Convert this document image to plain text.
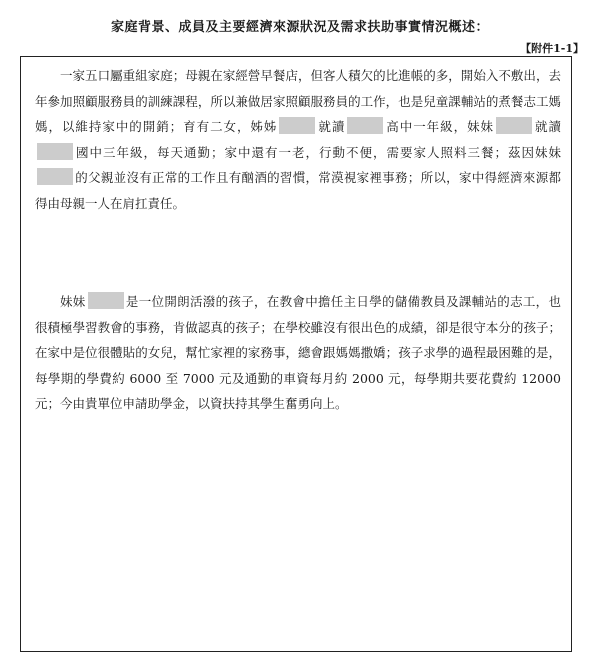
家庭背景、成員及主要經濟來源狀況及需求扶助事實情況概述：
【附件1-1】

一家五口屬重組家庭；母親在家經營早餐店，但客人積欠的比進帳的多，開始入不敷出，去年參加照顧服務員的訓練課程，所以兼做居家照顧服務員的工作，也是兒童課輔站的煮餐志工媽媽，以維持家中的開銷；育有二女，姊姊	就讀	高中一年級，妹妹	就讀國中三年級，每天通勤；家中還有一老，行動不便，需要家人照料三餐；茲因妹妹的父親並沒有正常的工作且有酗酒的習慣，常漠視家裡事務；所以，家中得經濟來源都得由母親一人在肩扛責任。

妹妹	是一位開朗活潑的孩子，在教會中擔任主日學的儲備教員及課輔站的志工，也很積極學習教會的事務，肯做認真的孩子；在學校雖沒有很出色的成績，卻是很守本分的孩子；在家中是位很體貼的女兒，幫忙家裡的家務事，總會跟媽媽撒嬌；孩子求學的過程最困難的是，每學期的學費約 6000 至 7000 元及通勤的車資每月約 2000 元，每學期共要花費約 12000 元；今由貴單位申請助學金，以資扶持其學生奮勇向上。
